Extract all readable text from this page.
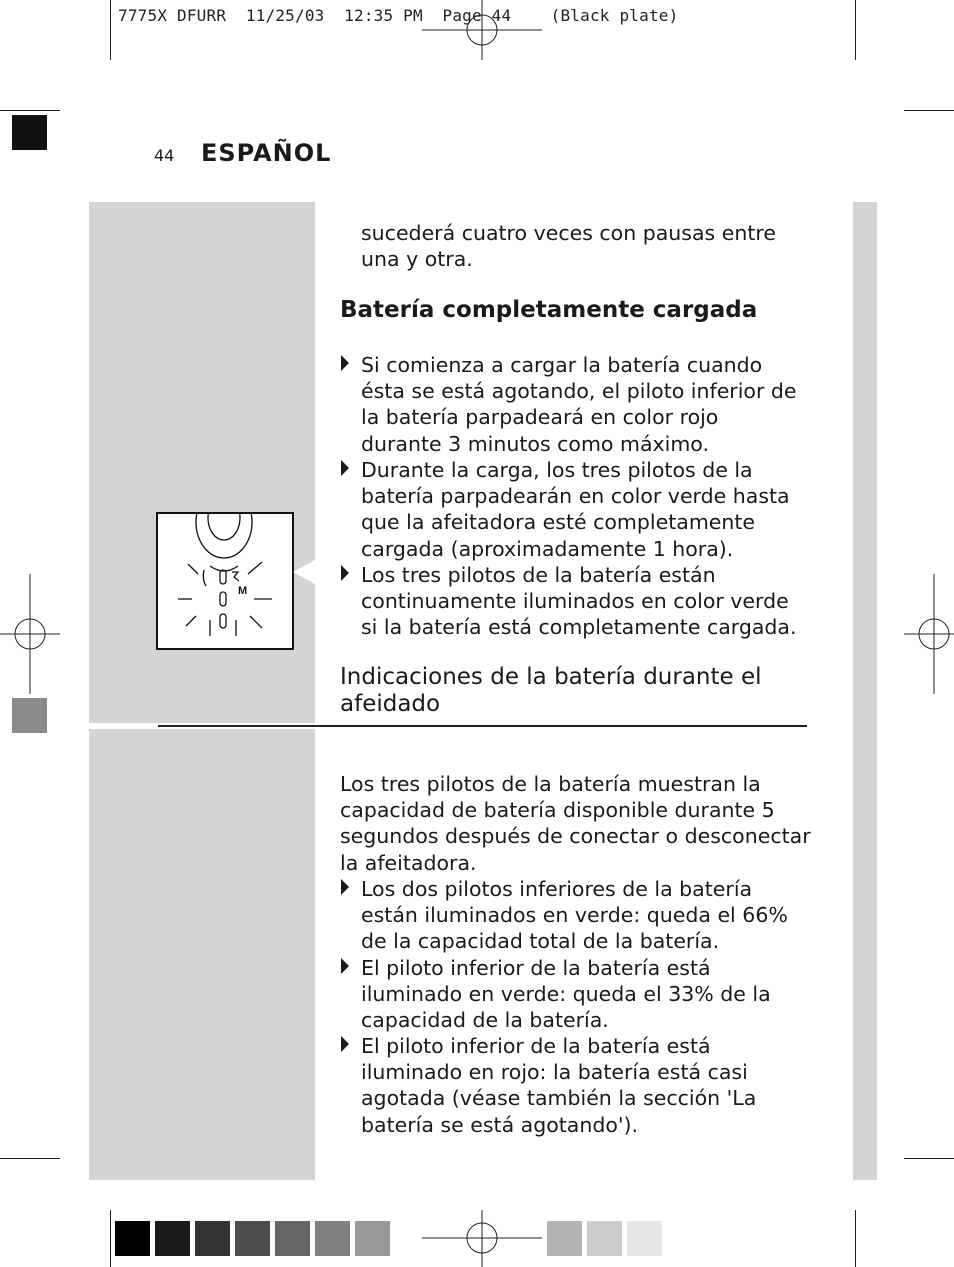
7775X DFURR  11/25/03  12:35 PM  Page 44    (Black plate)
44 ESPAÑOL
M
sucederá cuatro veces con pausas entre una y otra.
Batería completamente cargada
Si comienza a cargar la batería cuando ésta se está agotando, el piloto inferior de la batería parpadeará en color rojo durante 3 minutos como máximo.
Durante la carga, los tres pilotos de la batería parpadearán en color verde hasta que la afeitadora esté completamente cargada (aproximadamente 1 hora).
Los tres pilotos de la batería están continuamente iluminados en color verde si la batería está completamente cargada.
Indicaciones de la batería durante el afeidado
Los tres pilotos de la batería muestran la capacidad de batería disponible durante 5 segundos después de conectar o desconectar la afeitadora.
Los dos pilotos inferiores de la batería están iluminados en verde: queda el 66% de la capacidad total de la batería.
El piloto inferior de la batería está iluminado en verde: queda el 33% de la capacidad de la batería.
El piloto inferior de la batería está iluminado en rojo: la batería está casi agotada (véase también la sección 'La batería se está agotando').
